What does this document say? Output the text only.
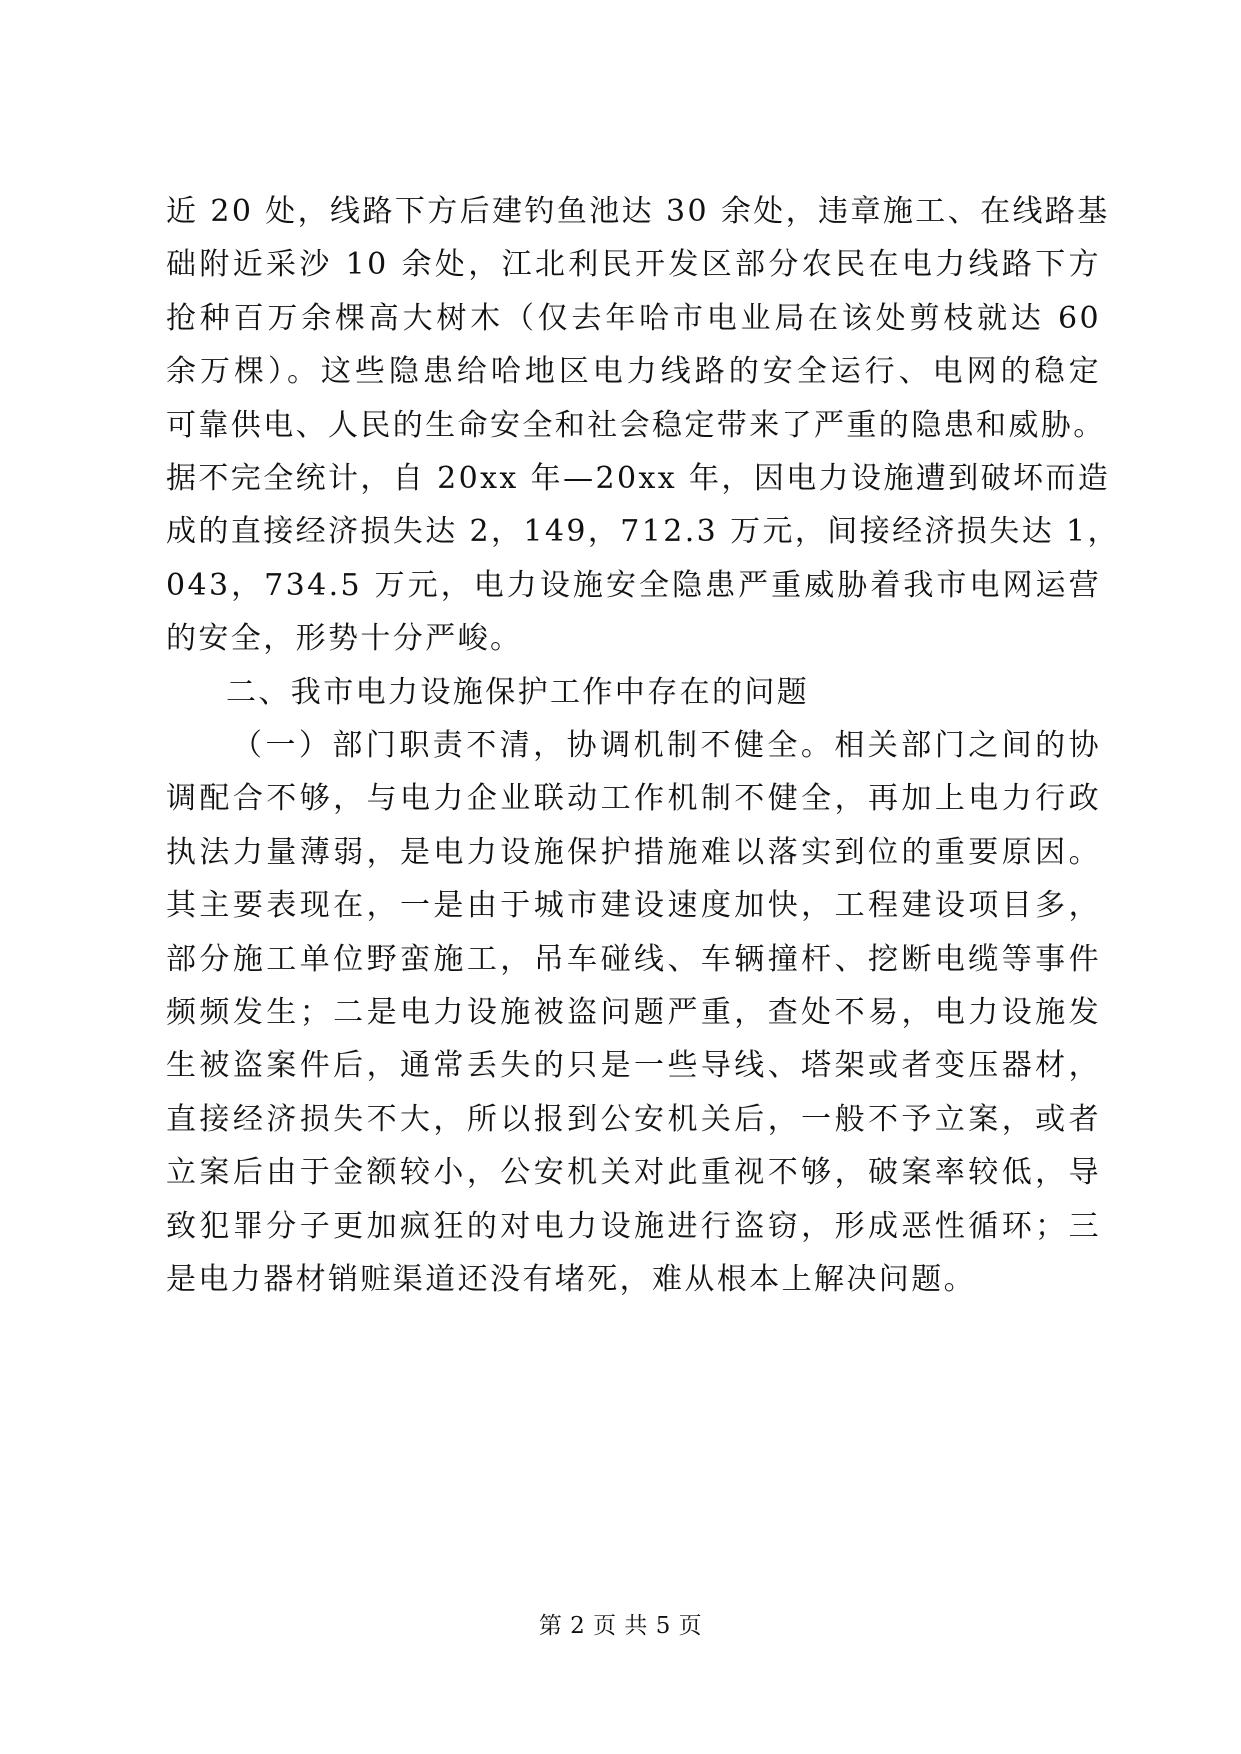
近 20 处，线路下方后建钓鱼池达 30 余处，违章施工、在线路基
础附近采沙 10 余处，江北利民开发区部分农民在电力线路下方
抢种百万余棵高大树木（仅去年哈市电业局在该处剪枝就达 60
余万棵）。这些隐患给哈地区电力线路的安全运行、电网的稳定
可靠供电、人民的生命安全和社会稳定带来了严重的隐患和威胁。
据不完全统计，自 20xx 年—20xx 年，因电力设施遭到破坏而造
成的直接经济损失达 2，149，712.3 万元，间接经济损失达 1，
043，734.5 万元，电力设施安全隐患严重威胁着我市电网运营
的安全，形势十分严峻。
二、我市电力设施保护工作中存在的问题
（一）部门职责不清，协调机制不健全。相关部门之间的协
调配合不够，与电力企业联动工作机制不健全，再加上电力行政
执法力量薄弱，是电力设施保护措施难以落实到位的重要原因。
其主要表现在，一是由于城市建设速度加快，工程建设项目多，
部分施工单位野蛮施工，吊车碰线、车辆撞杆、挖断电缆等事件
频频发生；二是电力设施被盗问题严重，查处不易，电力设施发
生被盗案件后，通常丢失的只是一些导线、塔架或者变压器材，
直接经济损失不大，所以报到公安机关后，一般不予立案，或者
立案后由于金额较小，公安机关对此重视不够，破案率较低，导
致犯罪分子更加疯狂的对电力设施进行盗窃，形成恶性循环；三
是电力器材销赃渠道还没有堵死，难从根本上解决问题。
第 2 页 共 5 页
